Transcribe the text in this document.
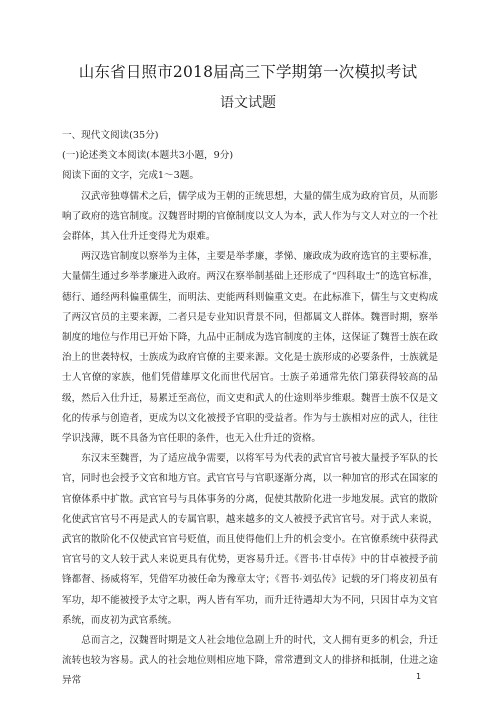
山东省日照市2018届高三下学期第一次模拟考试
语文试题

一、现代文阅读(35分)

(一)论述类文本阅读(本题共3小题，9分)

阅读下面的文字，完成1～3题。

汉武帝独尊儒术之后，儒学成为王朝的正统思想，大量的儒生成为政府官员，从而影响了政府的选官制度。汉魏晋时期的官僚制度以文人为本，武人作为与文人对立的一个社会群体，其入仕升迁变得尤为艰难。

两汉选官制度以察举为主体，主要是举孝廉，孝悌、廉政成为政府选官的主要标准，大量儒生通过乡举孝廉进入政府。两汉在察举制基础上还形成了“四科取士”的选官标准，德行、通经两科偏重儒生，而明法、吏能两科则偏重文吏。在此标准下，儒生与文吏构成了两汉官员的主要来源，二者只是专业知识背景不同，但都属文人群体。魏晋时期，察举制度的地位与作用已开始下降，九品中正制成为选官制度的主体，这保证了魏晋士族在政治上的世袭特权，士族成为政府官僚的主要来源。文化是士族形成的必要条件，士族就是士人官僚的家族，他们凭借雄厚文化而世代居官。士族子弟通常先依门第获得较高的品级，然后入仕升迁，易累迁至高位，而文吏和武人的仕途则举步维艰。魏晋士族不仅是文化的传承与创造者，更成为以文化被授予官职的受益者。作为与士族相对应的武人，往往学识浅薄，既不具备为官任职的条件，也无入仕升迁的资格。

东汉末至魏晋，为了适应战争需要，以将军号为代表的武官官号被大量授予军队的长官，同时也会授予文官和地方官。武官官号与官职逐渐分离，以一种加官的形式在国家的官僚体系中扩散。武官官号与具体事务的分离，促使其散阶化进一步地发展。武官的散阶化使武官官号不再是武人的专属官职，越来越多的文人被授予武官官号。对于武人来说，武官的散阶化不仅使武官官号贬值，而且使得他们上升的机会变小。在官僚系统中获得武官官号的文人较于武人来说更具有优势，更容易升迁。《晋书·甘卓传》中的甘卓被授予前锋都督、扬威将军，凭借军功被任命为豫章太守；《晋书·刘弘传》记载的牙门将皮初虽有军功，却不能被授予太守之职，两人皆有军功，而升迁待遇却大为不同，只因甘卓为文官系统，而皮初为武官系统。

总而言之，汉魏晋时期是文人社会地位急剧上升的时代，文人拥有更多的机会，升迁流转也较为容易。武人的社会地位则相应地下降，常常遭到文人的排挤和抵制，仕进之途异常	1
